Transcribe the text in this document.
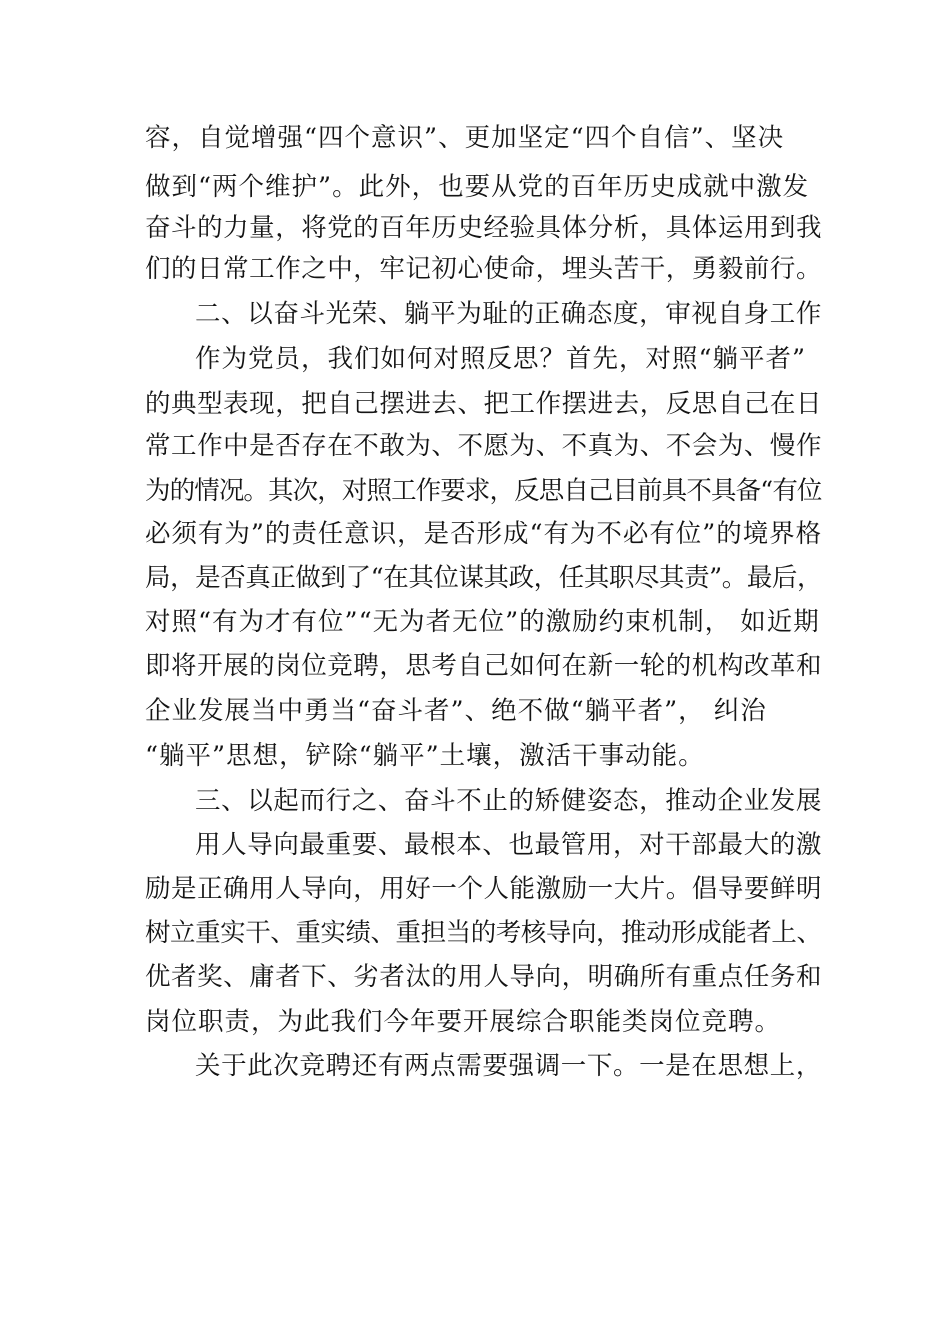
容，自觉增强“四个意识”、更加坚定“四个自信”、坚决
做到“两个维护”。此外，也要从党的百年历史成就中激发
奋斗的力量，将党的百年历史经验具体分析，具体运用到我
们的日常工作之中，牢记初心使命，埋头苦干，勇毅前行。
二、以奋斗光荣、躺平为耻的正确态度，审视自身工作
作为党员，我们如何对照反思？首先，对照“躺平者”
的典型表现，把自己摆进去、把工作摆进去，反思自己在日
常工作中是否存在不敢为、不愿为、不真为、不会为、慢作
为的情况。其次，对照工作要求，反思自己目前具不具备“有位
必须有为”的责任意识，是否形成“有为不必有位”的境界格
局，是否真正做到了“在其位谋其政，任其职尽其责”。最后，
对照“有为才有位”“无为者无位”的激励约束机制， 如近期
即将开展的岗位竞聘，思考自己如何在新一轮的机构改革和
企业发展当中勇当“奋斗者”、绝不做“躺平者”， 纠治
“躺平”思想，铲除“躺平”土壤，激活干事动能。
三、以起而行之、奋斗不止的矫健姿态，推动企业发展
用人导向最重要、最根本、也最管用，对干部最大的激
励是正确用人导向，用好一个人能激励一大片。倡导要鲜明
树立重实干、重实绩、重担当的考核导向，推动形成能者上、
优者奖、庸者下、劣者汰的用人导向，明确所有重点任务和
岗位职责，为此我们今年要开展综合职能类岗位竞聘。
关于此次竞聘还有两点需要强调一下。一是在思想上，
